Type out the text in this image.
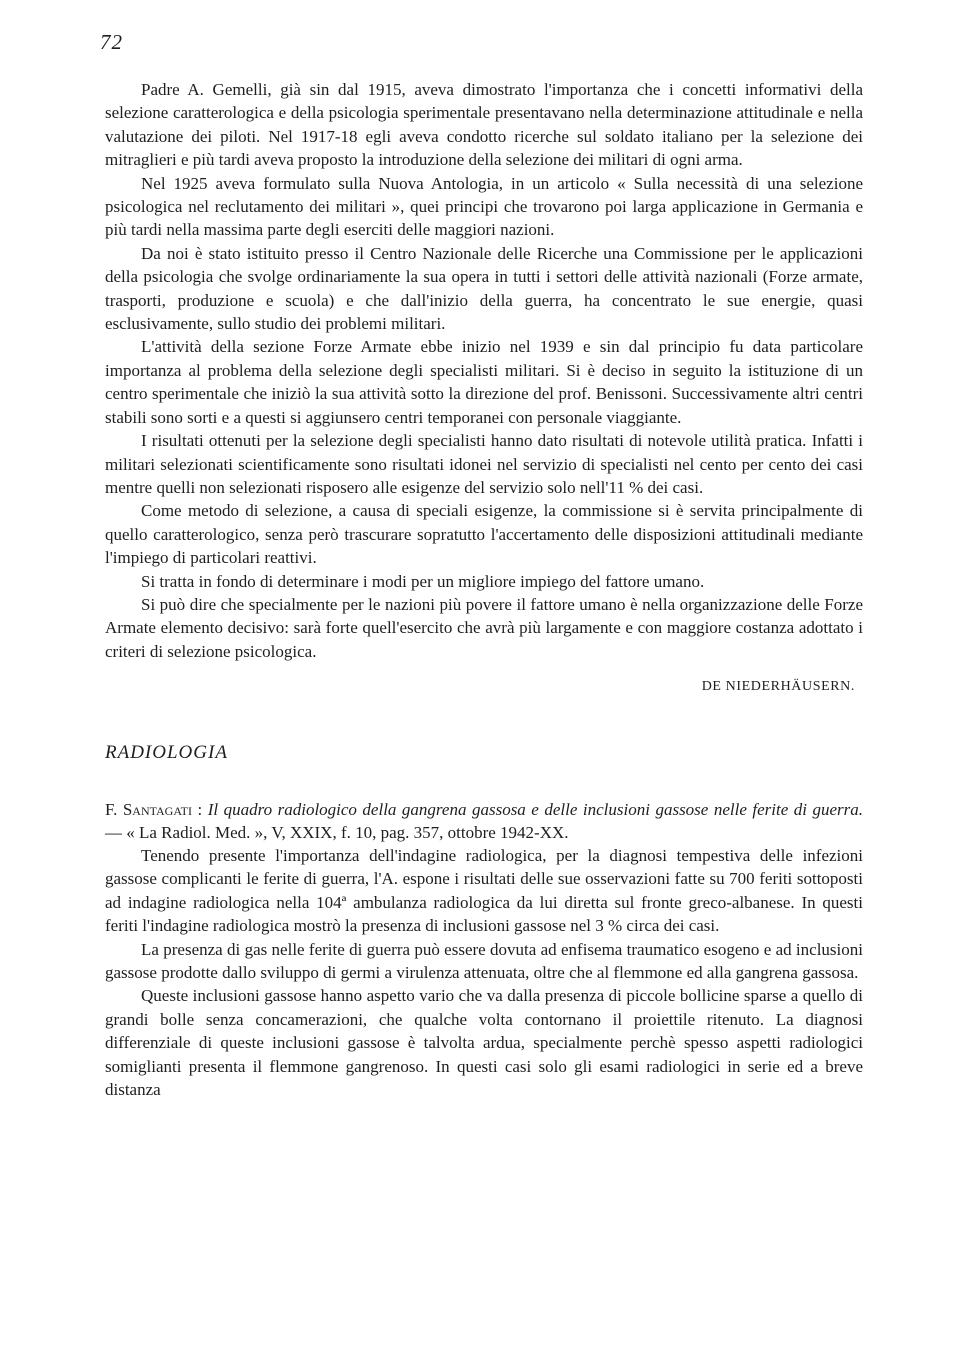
72

Padre A. Gemelli, già sin dal 1915, aveva dimostrato l'importanza che i concetti informativi della selezione caratterologica e della psicologia sperimentale presentavano nella determinazione attitudinale e nella valutazione dei piloti. Nel 1917-18 egli aveva condotto ricerche sul soldato italiano per la selezione dei mitraglieri e più tardi aveva proposto la introduzione della selezione dei militari di ogni arma.

Nel 1925 aveva formulato sulla Nuova Antologia, in un articolo « Sulla necessità di una selezione psicologica nel reclutamento dei militari », quei principi che trovarono poi larga applicazione in Germania e più tardi nella massima parte degli eserciti delle maggiori nazioni.

Da noi è stato istituito presso il Centro Nazionale delle Ricerche una Commissione per le applicazioni della psicologia che svolge ordinariamente la sua opera in tutti i settori delle attività nazionali (Forze armate, trasporti, produzione e scuola) e che dall'inizio della guerra, ha concentrato le sue energie, quasi esclusivamente, sullo studio dei problemi militari.

L'attività della sezione Forze Armate ebbe inizio nel 1939 e sin dal principio fu data particolare importanza al problema della selezione degli specialisti militari. Si è deciso in seguito la istituzione di un centro sperimentale che iniziò la sua attività sotto la direzione del prof. Benissoni. Successivamente altri centri stabili sono sorti e a questi si aggiunsero centri temporanei con personale viaggiante.

I risultati ottenuti per la selezione degli specialisti hanno dato risultati di notevole utilità pratica. Infatti i militari selezionati scientificamente sono risultati idonei nel servizio di specialisti nel cento per cento dei casi mentre quelli non selezionati risposero alle esigenze del servizio solo nell'11 % dei casi.

Come metodo di selezione, a causa di speciali esigenze, la commissione si è servita principalmente di quello caratterologico, senza però trascurare sopratutto l'accertamento delle disposizioni attitudinali mediante l'impiego di particolari reattivi.

Si tratta in fondo di determinare i modi per un migliore impiego del fattore umano.

Si può dire che specialmente per le nazioni più povere il fattore umano è nella organizzazione delle Forze Armate elemento decisivo: sarà forte quell'esercito che avrà più largamente e con maggiore costanza adottato i criteri di selezione psicologica.

DE NIEDERHÄUSERN.
RADIOLOGIA

F. Santagati : Il quadro radiologico della gangrena gassosa e delle inclusioni gassose nelle ferite di guerra. — « La Radiol. Med. », V, XXIX, f. 10, pag. 357, ottobre 1942-XX.

Tenendo presente l'importanza dell'indagine radiologica, per la diagnosi tempestiva delle infezioni gassose complicanti le ferite di guerra, l'A. espone i risultati delle sue osservazioni fatte su 700 feriti sottoposti ad indagine radiologica nella 104ª ambulanza radiologica da lui diretta sul fronte greco-albanese. In questi feriti l'indagine radiologica mostrò la presenza di inclusioni gassose nel 3 % circa dei casi.

La presenza di gas nelle ferite di guerra può essere dovuta ad enfisema traumatico esogeno e ad inclusioni gassose prodotte dallo sviluppo di germi a virulenza attenuata, oltre che al flemmone ed alla gangrena gassosa.

Queste inclusioni gassose hanno aspetto vario che va dalla presenza di piccole bollicine sparse a quello di grandi bolle senza concamerazioni, che qualche volta contornano il proiettile ritenuto. La diagnosi differenziale di queste inclusioni gassose è talvolta ardua, specialmente perchè spesso aspetti radiologici somiglianti presenta il flemmone gangrenoso. In questi casi solo gli esami radiologici in serie ed a breve distanza
